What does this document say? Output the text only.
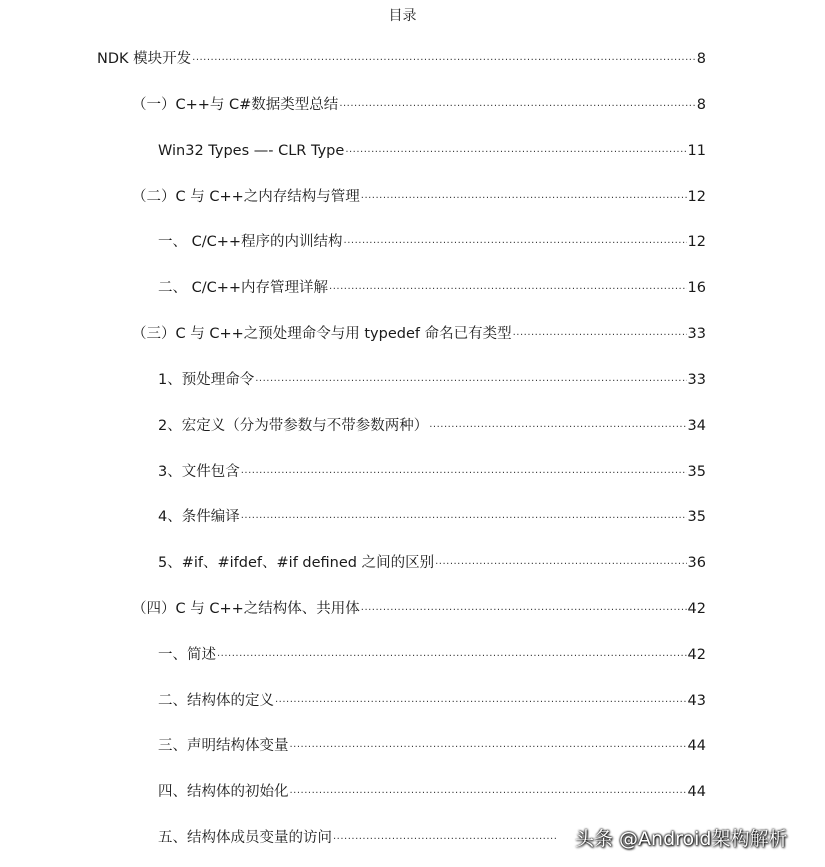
目录
NDK 模块开发 ·····	8
（一）C++与 C#数据类型总结 ·····	8
Win32 Types —- CLR Type ·····	11
（二）C 与 C++之内存结构与管理 ·····	12
一、 C/C++程序的内训结构 ·····	12
二、 C/C++内存管理详解 ·····	16
（三）C 与 C++之预处理命令与用 typedef 命名已有类型 ·····	33
1、预处理命令 ·····	33
2、宏定义（分为带参数与不带参数两种） ·····	34
3、文件包含 ·····	35
4、条件编译 ·····	35
5、#if、#ifdef、#if defined 之间的区别 ·····	36
（四）C 与 C++之结构体、共用体 ·····	42
一、简述 ·····	42
二、结构体的定义 ·····	43
三、声明结构体变量 ·····	44
四、结构体的初始化 ·····	44
五、结构体成员变量的访问 ·····	头条 @Android架构解析
